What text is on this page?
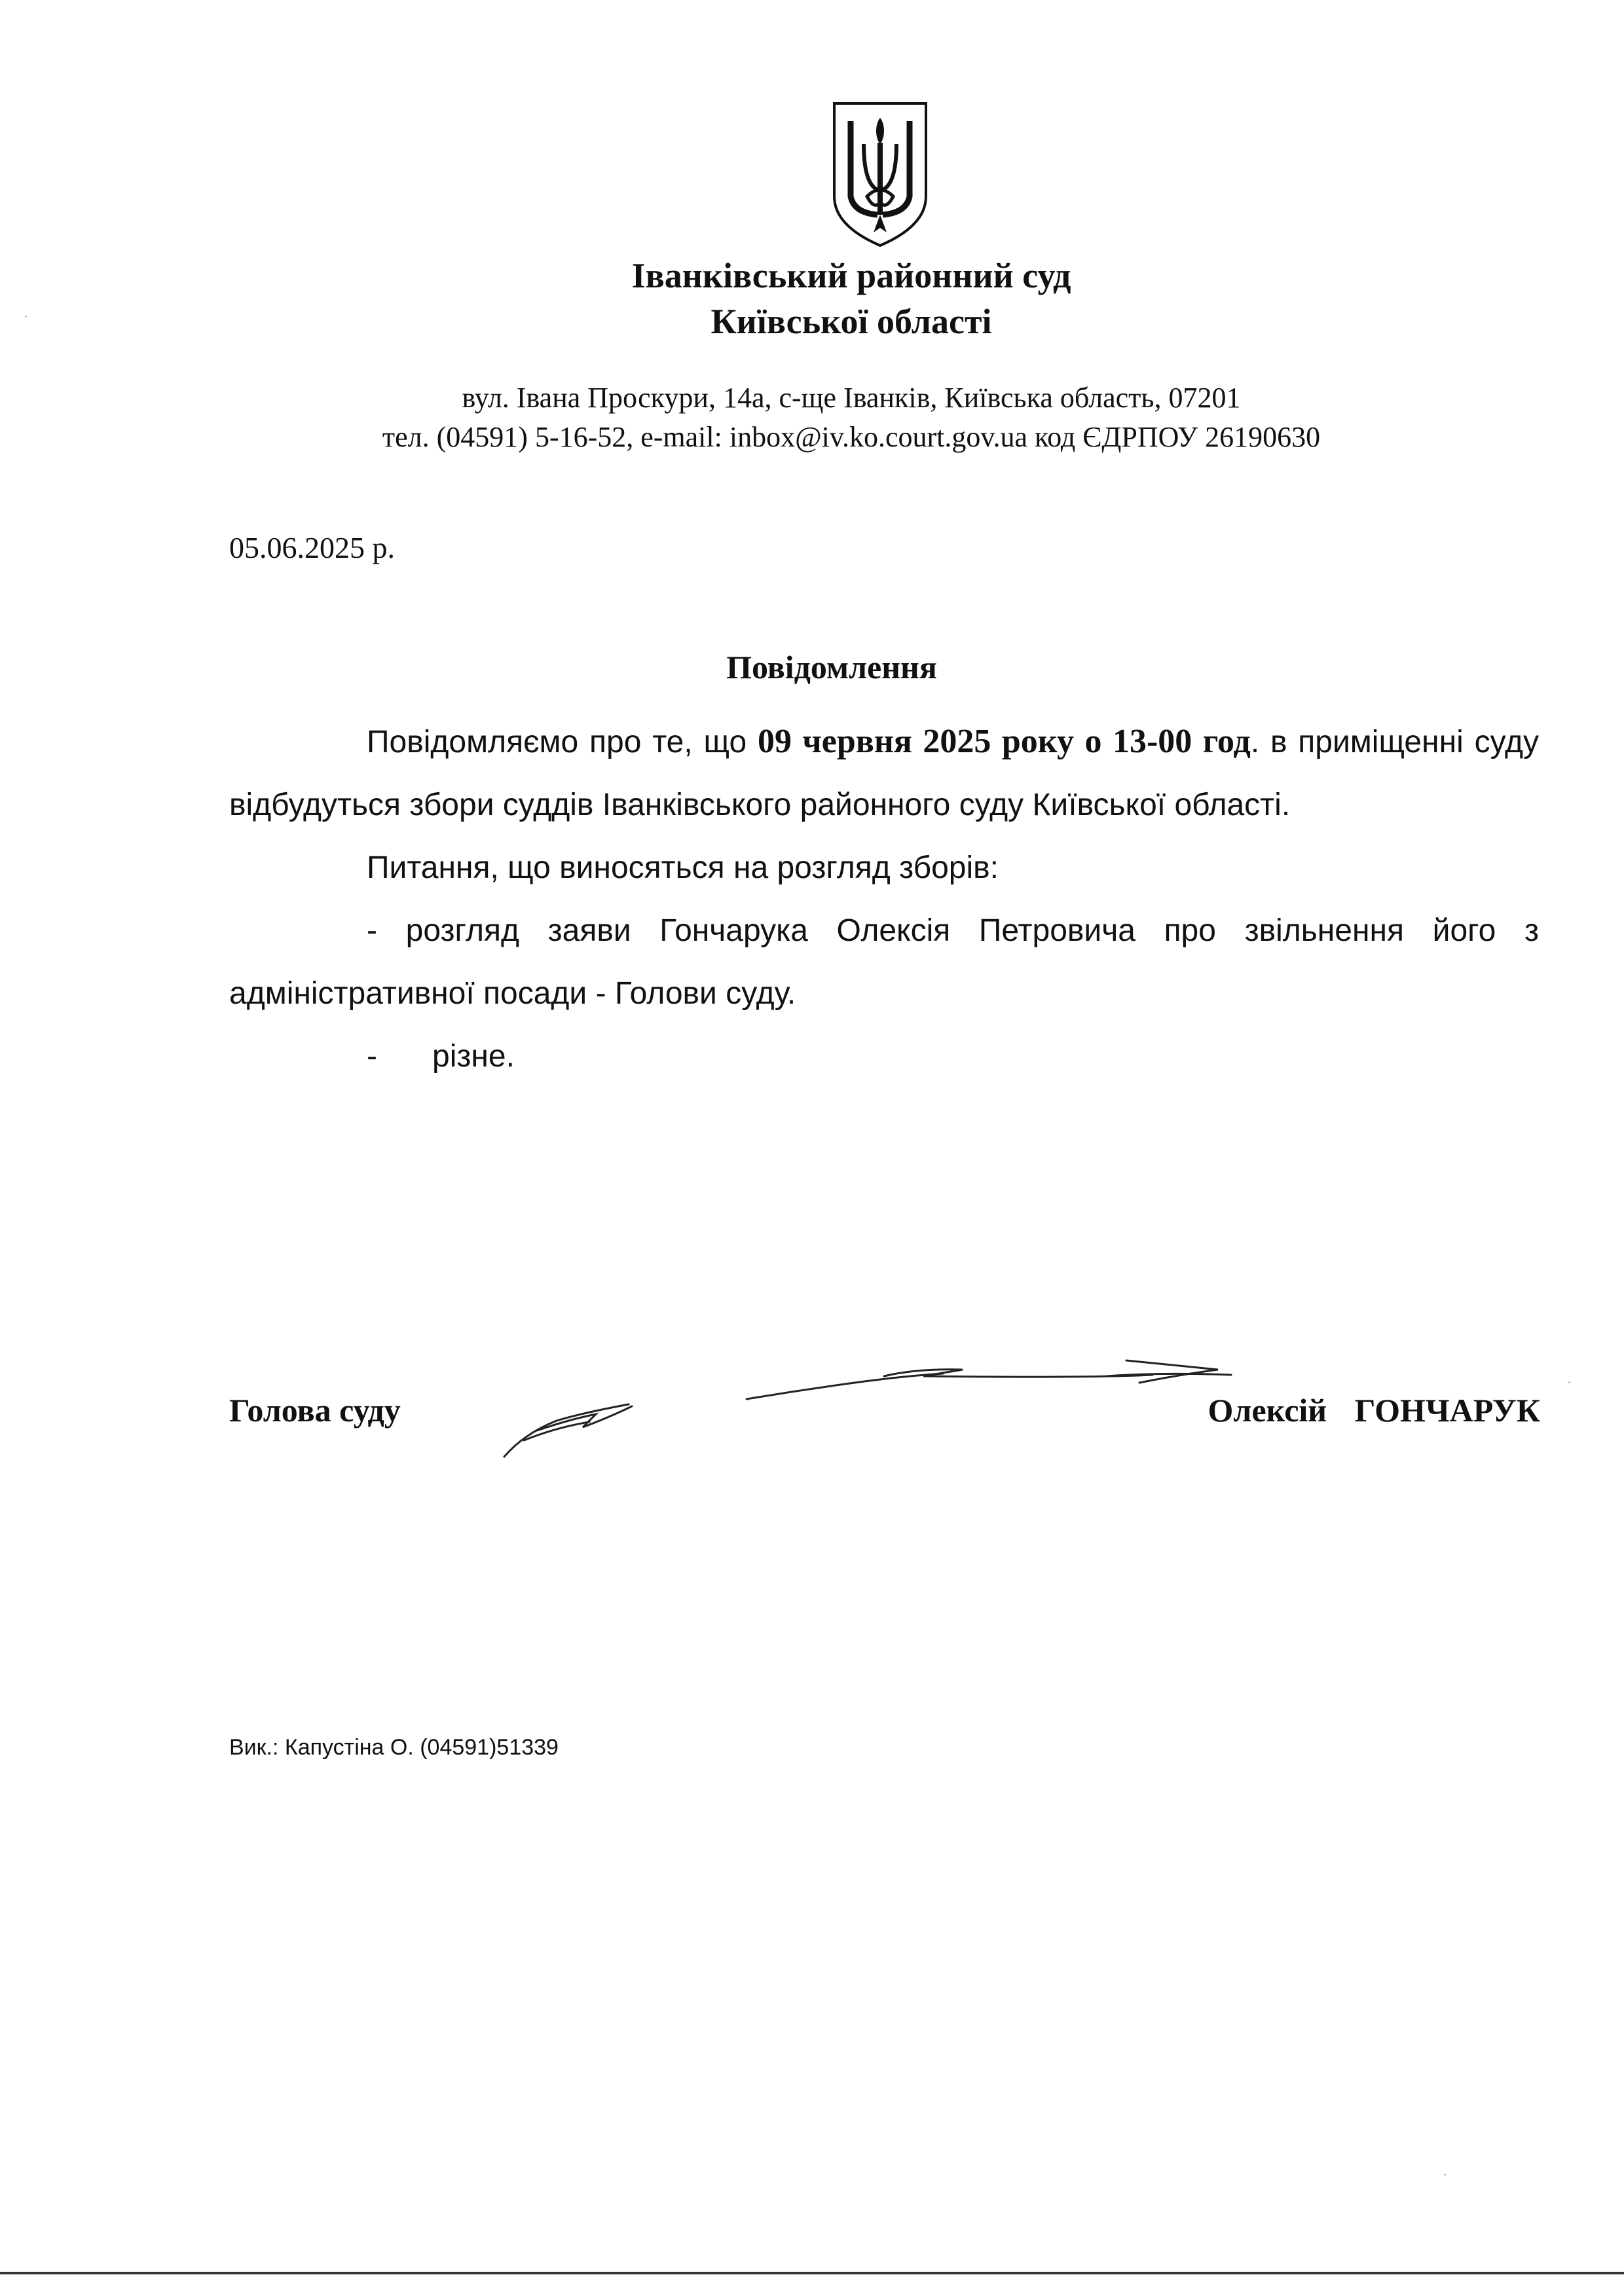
Іванківський районний суд
Київської області
вул. Івана Проскури, 14а, с-ще Іванків, Київська область, 07201
тел. (04591) 5-16-52, e-mail: inbox@iv.ko.court.gov.ua код ЄДРПОУ 26190630
05.06.2025 р.
Повідомлення
Повідомляємо про те, що 09 червня 2025 року о 13-00 год. в приміщенні суду відбудуться збори суддів Іванківського районного суду Київської області.
Питання, що виносяться на розгляд зборів:
- розгляд заяви Гончарука Олексія Петровича про звільнення його з адміністративної посади - Голови суду.
- різне.
Голова суду	Олексій ГОНЧАРУК
Вик.: Капустіна О. (04591)51339
